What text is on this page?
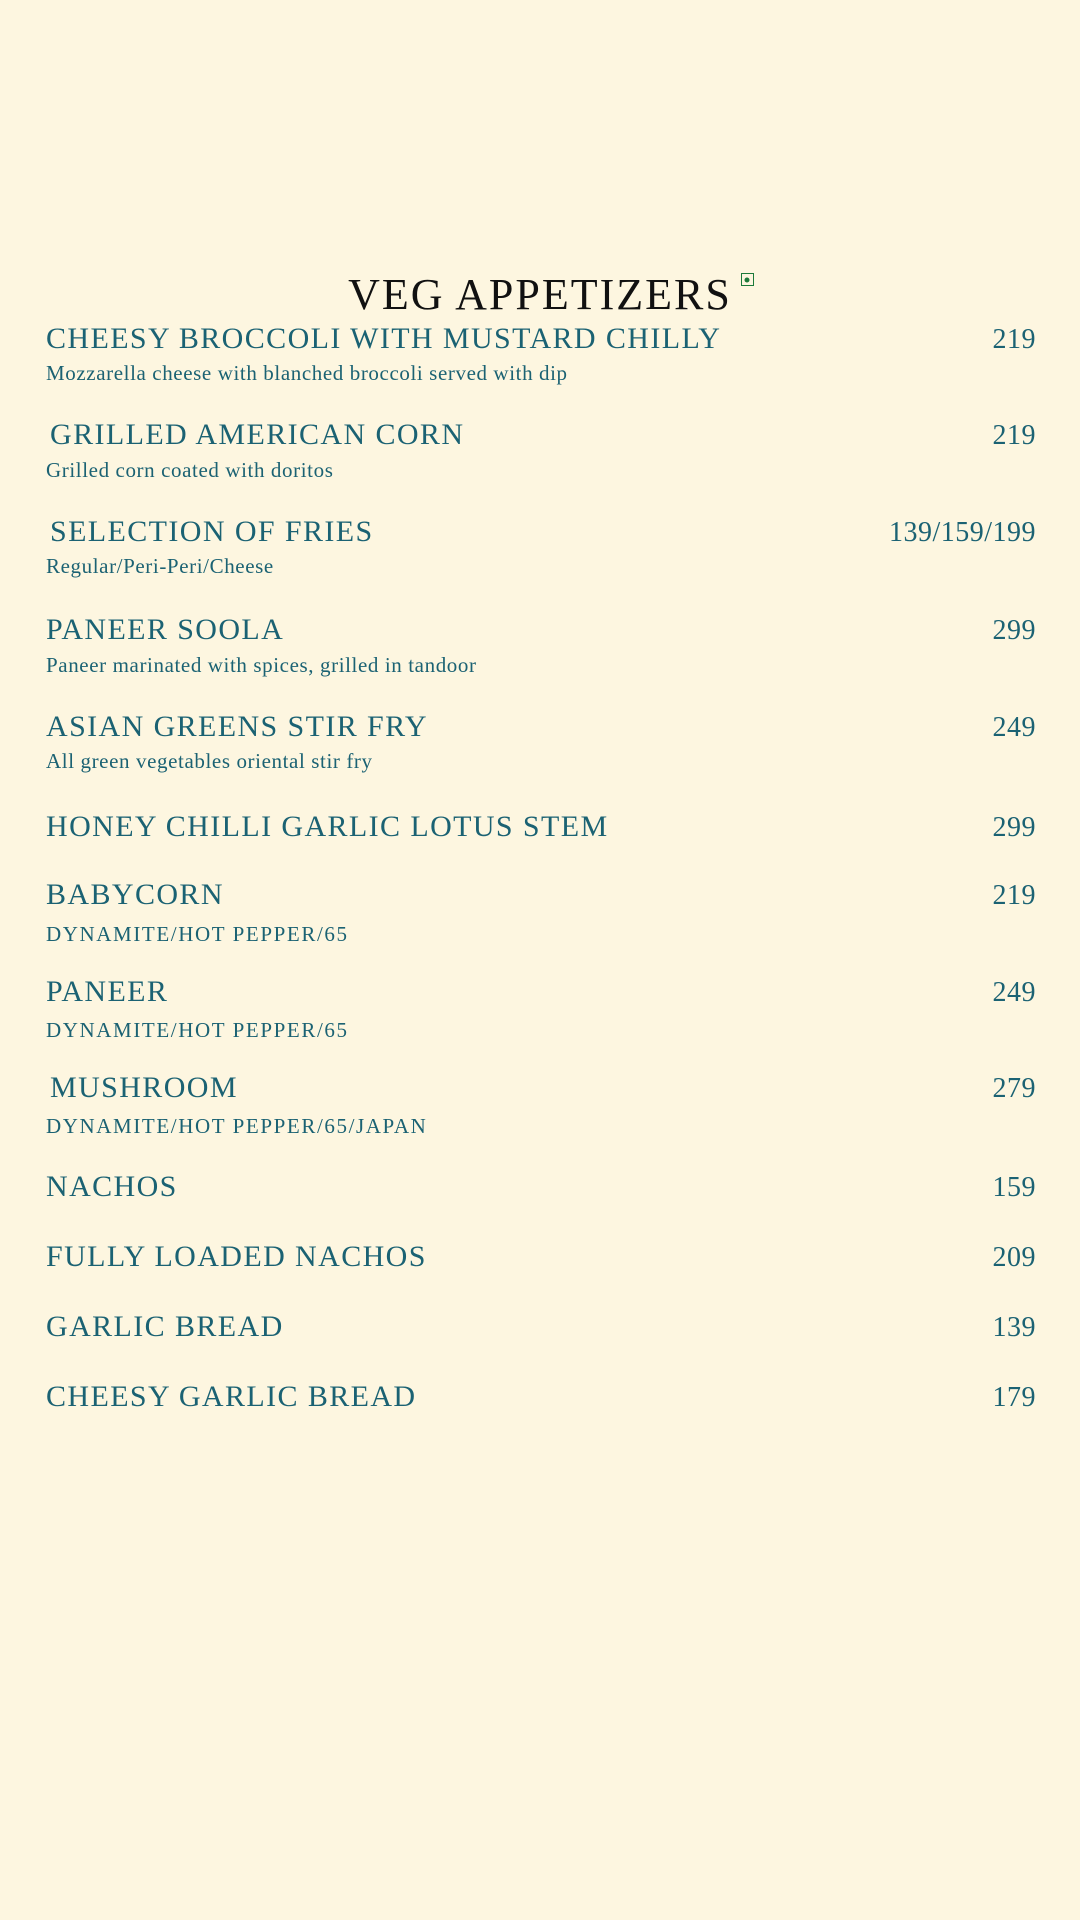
VEG APPETIZERS
CHEESY BROCCOLI WITH MUSTARD CHILLY	219
Mozzarella cheese with blanched broccoli served with dip
GRILLED AMERICAN CORN	219
Grilled corn coated with doritos
SELECTION OF FRIES	139/159/199
Regular/Peri-Peri/Cheese
PANEER SOOLA	299
Paneer marinated with spices, grilled in tandoor
ASIAN GREENS STIR FRY	249
All green vegetables oriental stir fry
HONEY CHILLI GARLIC LOTUS STEM	299
BABYCORN	219
DYNAMITE/HOT PEPPER/65
PANEER	249
DYNAMITE/HOT PEPPER/65
MUSHROOM	279
DYNAMITE/HOT PEPPER/65/JAPAN
NACHOS	159
FULLY LOADED NACHOS	209
GARLIC BREAD	139
CHEESY GARLIC BREAD	179
